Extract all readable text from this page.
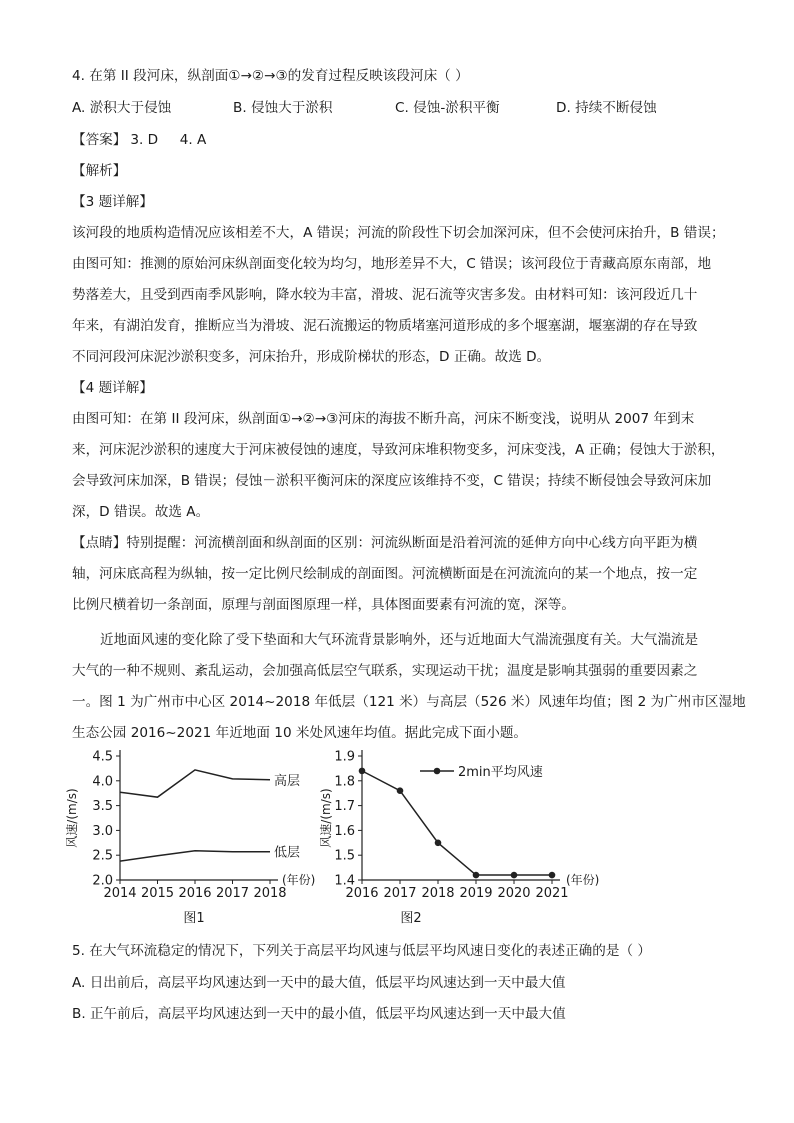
4. 在第 II 段河床，纵剖面①→②→③的发育过程反映该段河床（ ）
A. 淤积大于侵蚀	B. 侵蚀大于淤积	C. 侵蚀-淤积平衡	D. 持续不断侵蚀
【答案】 3. D     4. A
【解析】
【3 题详解】
该河段的地质构造情况应该相差不大，A 错误；河流的阶段性下切会加深河床，但不会使河床抬升，B 错误；
由图可知：推测的原始河床纵剖面变化较为均匀，地形差异不大，C 错误；该河段位于青藏高原东南部，地
势落差大，且受到西南季风影响，降水较为丰富，滑坡、泥石流等灾害多发。由材料可知：该河段近几十
年来，有湖泊发育，推断应当为滑坡、泥石流搬运的物质堵塞河道形成的多个堰塞湖，堰塞湖的存在导致
不同河段河床泥沙淤积变多，河床抬升，形成阶梯状的形态，D 正确。故选 D。
【4 题详解】
由图可知：在第 II 段河床，纵剖面①→②→③河床的海拔不断升高，河床不断变浅，说明从 2007 年到末
来，河床泥沙淤积的速度大于河床被侵蚀的速度，导致河床堆积物变多，河床变浅，A 正确；侵蚀大于淤积，
会导致河床加深，B 错误；侵蚀－淤积平衡河床的深度应该维持不变，C 错误；持续不断侵蚀会导致河床加
深，D 错误。故选 A。
【点睛】特别提醒：河流横剖面和纵剖面的区别：河流纵断面是沿着河流的延伸方向中心线方向平距为横
轴，河床底高程为纵轴，按一定比例尺绘制成的剖面图。河流横断面是在河流流向的某一个地点，按一定
比例尺横着切一条剖面，原理与剖面图原理一样，具体图面要素有河流的宽，深等。
近地面风速的变化除了受下垫面和大气环流背景影响外，还与近地面大气湍流强度有关。大气湍流是
大气的一种不规则、紊乱运动，会加强高低层空气联系，实现运动干扰；温度是影响其强弱的重要因素之
一。图 1 为广州市中心区 2014~2018 年低层（121 米）与高层（526 米）风速年均值；图 2 为广州市区湿地
生态公园 2016~2021 年近地面 10 米处风速年均值。据此完成下面小题。
2.0
2.5
3.0
3.5
4.0
4.5
2014 2015 2016 2017 2018
(年份)
风速/(m/s)
高层
低层
图1
1.4
1.5
1.6
1.7
1.8
1.9
2016 2017 2018 2019 2020 2021
(年份)
风速/(m/s)
2min平均风速
图2
5. 在大气环流稳定的情况下，下列关于高层平均风速与低层平均风速日变化的表述正确的是（ ）
A. 日出前后，高层平均风速达到一天中的最大值，低层平均风速达到一天中最大值
B. 正午前后，高层平均风速达到一天中的最小值，低层平均风速达到一天中最大值
